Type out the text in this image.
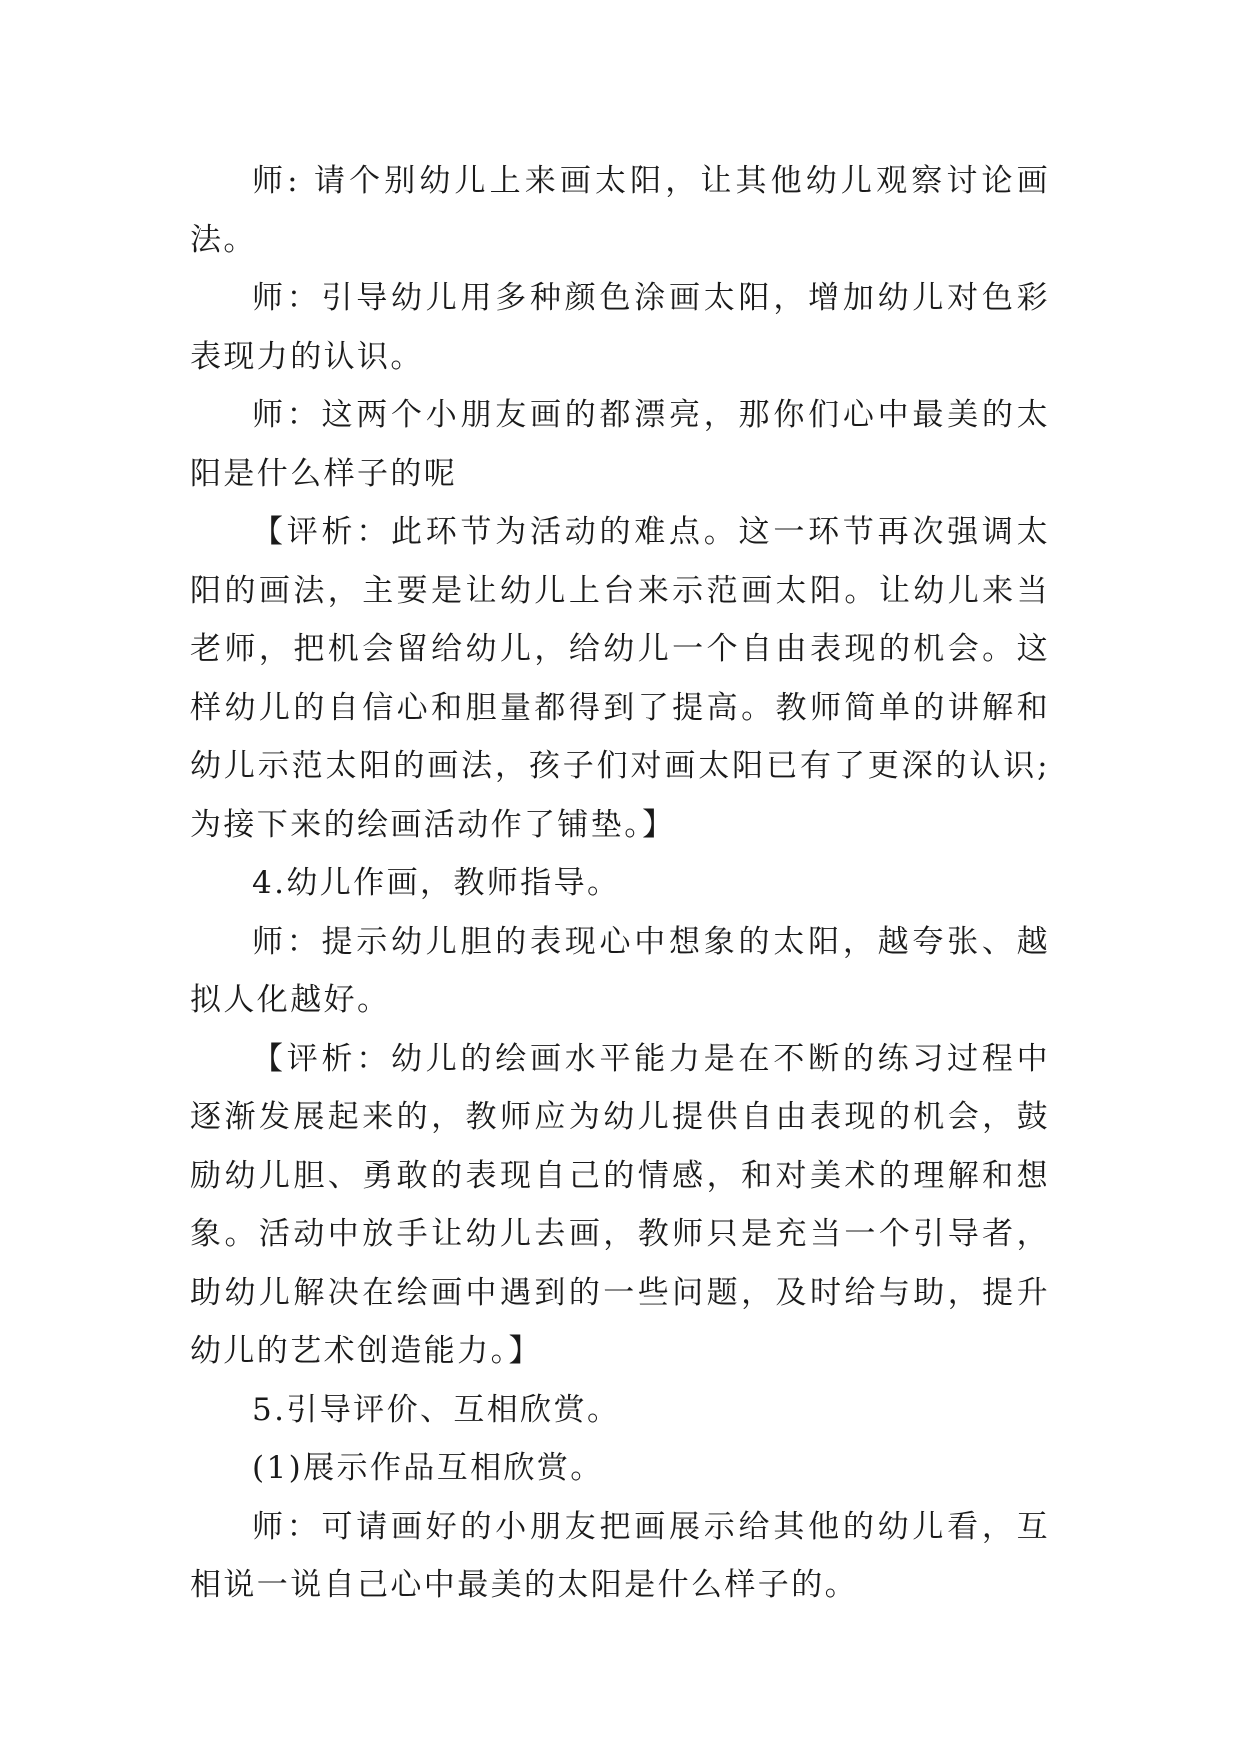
师: 请个别幼儿上来画太阳，让其他幼儿观察讨论画法。

师：引导幼儿用多种颜色涂画太阳，增加幼儿对色彩表现力的认识。

师：这两个小朋友画的都漂亮，那你们心中最美的太阳是什么样子的呢

【评析：此环节为活动的难点。这一环节再次强调太阳的画法，主要是让幼儿上台来示范画太阳。让幼儿来当老师，把机会留给幼儿，给幼儿一个自由表现的机会。这样幼儿的自信心和胆量都得到了提高。教师简单的讲解和幼儿示范太阳的画法，孩子们对画太阳已有了更深的认识;为接下来的绘画活动作了铺垫。】

4.幼儿作画，教师指导。

师：提示幼儿胆的表现心中想象的太阳，越夸张、越拟人化越好。

【评析：幼儿的绘画水平能力是在不断的练习过程中逐渐发展起来的，教师应为幼儿提供自由表现的机会，鼓励幼儿胆、勇敢的表现自己的情感，和对美术的理解和想象。活动中放手让幼儿去画，教师只是充当一个引导者，助幼儿解决在绘画中遇到的一些问题，及时给与助，提升幼儿的艺术创造能力。】

5.引导评价、互相欣赏。

(1)展示作品互相欣赏。

师：可请画好的小朋友把画展示给其他的幼儿看，互相说一说自己心中最美的太阳是什么样子的。
